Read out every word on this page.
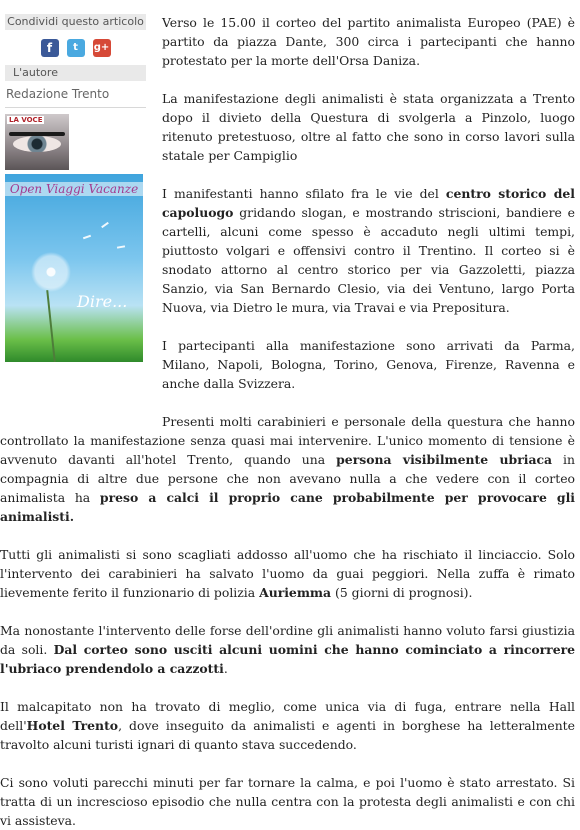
Condividi questo articolo
f	t	g+
L'autore
Redazione Trento
LA VOCE
Open Viaggi Vacanze
Dire...

Verso le 15.00 il corteo del partito animalista Europeo (PAE) è partito da piazza Dante, 300 circa i partecipanti che hanno protestato per la morte dell'Orsa Daniza.

La manifestazione degli animalisti è stata organizzata a Trento dopo il divieto della Questura di svolgerla a Pinzolo, luogo ritenuto pretestuoso, oltre al fatto che sono in corso lavori sulla statale per Campiglio

I manifestanti hanno sfilato fra le vie del centro storico del capoluogo gridando slogan, e mostrando striscioni, bandiere e cartelli, alcuni come spesso è accaduto negli ultimi tempi, piuttosto volgari e offensivi contro il Trentino. Il corteo si è snodato attorno al centro storico per via Gazzoletti, piazza Sanzio, via San Bernardo Clesio, via dei Ventuno, largo Porta Nuova, via Dietro le mura, via Travai e via Prepositura.

I partecipanti alla manifestazione sono arrivati da Parma, Milano, Napoli, Bologna, Torino, Genova, Firenze, Ravenna e anche dalla Svizzera.

Presenti molti carabinieri e personale della questura che hanno controllato la manifestazione senza quasi mai intervenire. L'unico momento di tensione è avvenuto davanti all'hotel Trento, quando una persona visibilmente ubriaca in compagnia di altre due persone che non avevano nulla a che vedere con il corteo animalista ha preso a calci il proprio cane probabilmente per provocare gli animalisti.

Tutti gli animalisti si sono scagliati addosso all'uomo che ha rischiato il linciaccio. Solo l'intervento dei carabinieri ha salvato l'uomo da guai peggiori. Nella zuffa è rimato lievemente ferito il funzionario di polizia Auriemma (5 giorni di prognosi).

Ma nonostante l'intervento delle forse dell'ordine gli animalisti hanno voluto farsi giustizia da soli. Dal corteo sono usciti alcuni uomini che hanno cominciato a rincorrere l'ubriaco prendendolo a cazzotti.

Il malcapitato non ha trovato di meglio, come unica via di fuga, entrare nella Hall dell'Hotel Trento, dove inseguito da animalisti e agenti in borghese ha letteralmente travolto alcuni turisti ignari di quanto stava succedendo.

Ci sono voluti parecchi minuti per far tornare la calma, e poi l'uomo è stato arrestato. Si tratta di un increscioso episodio che nulla centra con la protesta degli animalisti e con chi vi assisteva.
